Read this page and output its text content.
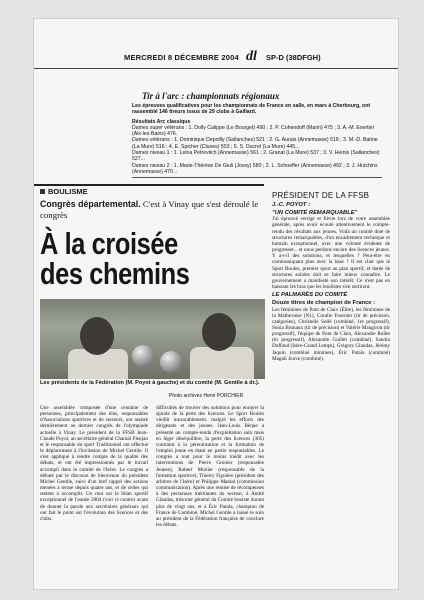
MERCREDI 8 DÉCEMBRE 2004 dl SP-D (38DFGH)
Tir à l'arc : championnats régionaux

Les épreuves qualificatives pour les championnats de France en salle, en mars à Cherbourg, ont rassemblé 146 tireurs issus de 29 clubs à Gaillard.

Résultats Arc classique

Dames super vétérans : 1. Dolly Calippe (Le Bourget) 490 ; 2. P. Cohendoff (Marin) 475 ; 3. A.-M. Exertier (Aix-les-Bains) 476.

Dames vétérans : 1. Dominique Depollly (Sallanches) 521 ; 2. G. Aurais (Annemasse) 518 ; 3. M.-D. Balme (La Mure) 516 ; 4. E. Spicher (Cluses) 503 ; 5. S. Ducret (La Mure) 445...

Dames niveau 1 : 1. Leina Petreviich (Annemasse) 561 ; 2. Granat (La Mure) 537 ; 3. V. Heinis (Sallanches) 527...

Dames niveau 2 : 1. Marie-Thérèse De Giuli (Jossy) 580 ; 2. L. Schoeffer (Annemasse) 492 ; 3. J. Hutchins (Annemasse) 470...

BOULISME
Congrès départemental. C'est à Vinay que s'est déroulé le congrès
À la croisée des chemins
Les présidents de la Fédération (M. Poyot à gauche) et du comité (M. Gentile à dr.).
Photo archives Henri PORCHIER
Une assemblée composée d'une centaine de personnes, principalement des élus, responsables d'Associations sportives et de secteurs, ont assisté dernièrement au dernier congrès de l'olympiade actuelle à Vinay. Le président de la FFSB Jean-Claude Poyot, au secrétaire général Chantal Fleujan et le responsable du sport Traditionnel ont effectué le déplacement à l'invitation de Michel Gentile. Il s'est appliqué à rendre compte de la qualité des débats, et ont été impressionnés par le travail accompli dans le comité de l'Isère. Le congrès a débuté par le discours de bienvenue du président Michel Gentile, suivi d'un bref rappel des actions menées à terme depuis quatre ans, et de celles qui restent à accomplir. Un mot sur le bilan sportif exceptionnel de l'année 2004 (voir ci-contre) avant de donner la parole aux secrétaires généraux qui ont fait le point sur l'évolution des licences et des clubs.
difficultés de trouver des solutions pour enrayer la spirale de la perte des licences. Le Sport Boules vieillit inexorablement, malgré les efforts des dirigeants et des jeunes. Jean-Louis Bèque a présenté un compte-rendu d'exploitation sain mais en léger déséquilibre, la perte des licences (305) contraint à la pérennisation et la formation de l'emploi jeune en étant en partie responsables. Le congrès a tout pour le moins inédit avec les interventions de Pierre Gronier (responsable Jeunes), Robert Monier (responsable de la formation sportive), Thierry Figuière (président des arbitres de l'Isère) et Philippe Manini (commission communication). Après une remise de récompenses à des personnes méritantes du secteur, à André Glaudas, trésorier général du Comité boulste durant plus de vingt ans, et à Éric Patala, champion de France de Combiné, Michel Gentile a laissé le soin au président de la Fédération française de conclure les débats.
PRÉSIDENT DE LA FFSB
J.-C. POYOT :
"UN COMITÉ REMARQUABLE"

J'ai éprouvé vertige et fièvre lors de votre assemblée générale, après avoir écouté attentivement le compte-rendu des résultats aux jeunes. Voilà un comité doté de structures remarquables, d'un encadrement technique et humain exceptionnel, avec une volonté évidente de progresser... et nous perdons encore des licences jeunes. Y a-t-il des solutions, et lesquelles ? Peut-être en communiquant plus avec la base ? Il est clair que le Sport Boules, premier sport au plan sportif, et dotée de structures solides doit se faire mieux connaître. Le gouvernement a manifesté son intérêt. Ce n'est pas en baissant les bras que les boulistes s'en sortiront.

LE PALMARÈS DU COMITÉ
Douze titres de champion de France :

Les féminines de Pont de Claix (Élite), les féminines de la Mathevaise (N1), Coralie Fournier (tir de précision, catégories), Christelle Sollé (combiné, 1re progressif), Sonia Brunaux (tir de précision) et Valérie Maugiron (tir progressif), l'équipe de Pont de Claix, Alexandre Rollet (tir progressif), Alexandre Guillet (combiné), Sandra Duffaud (Isère-Grand Lemps), Grégory Glaudas, Jérémy Jaquin (combiné minimes), Éric Patala (combiné) Magali Jouve (combiné).
